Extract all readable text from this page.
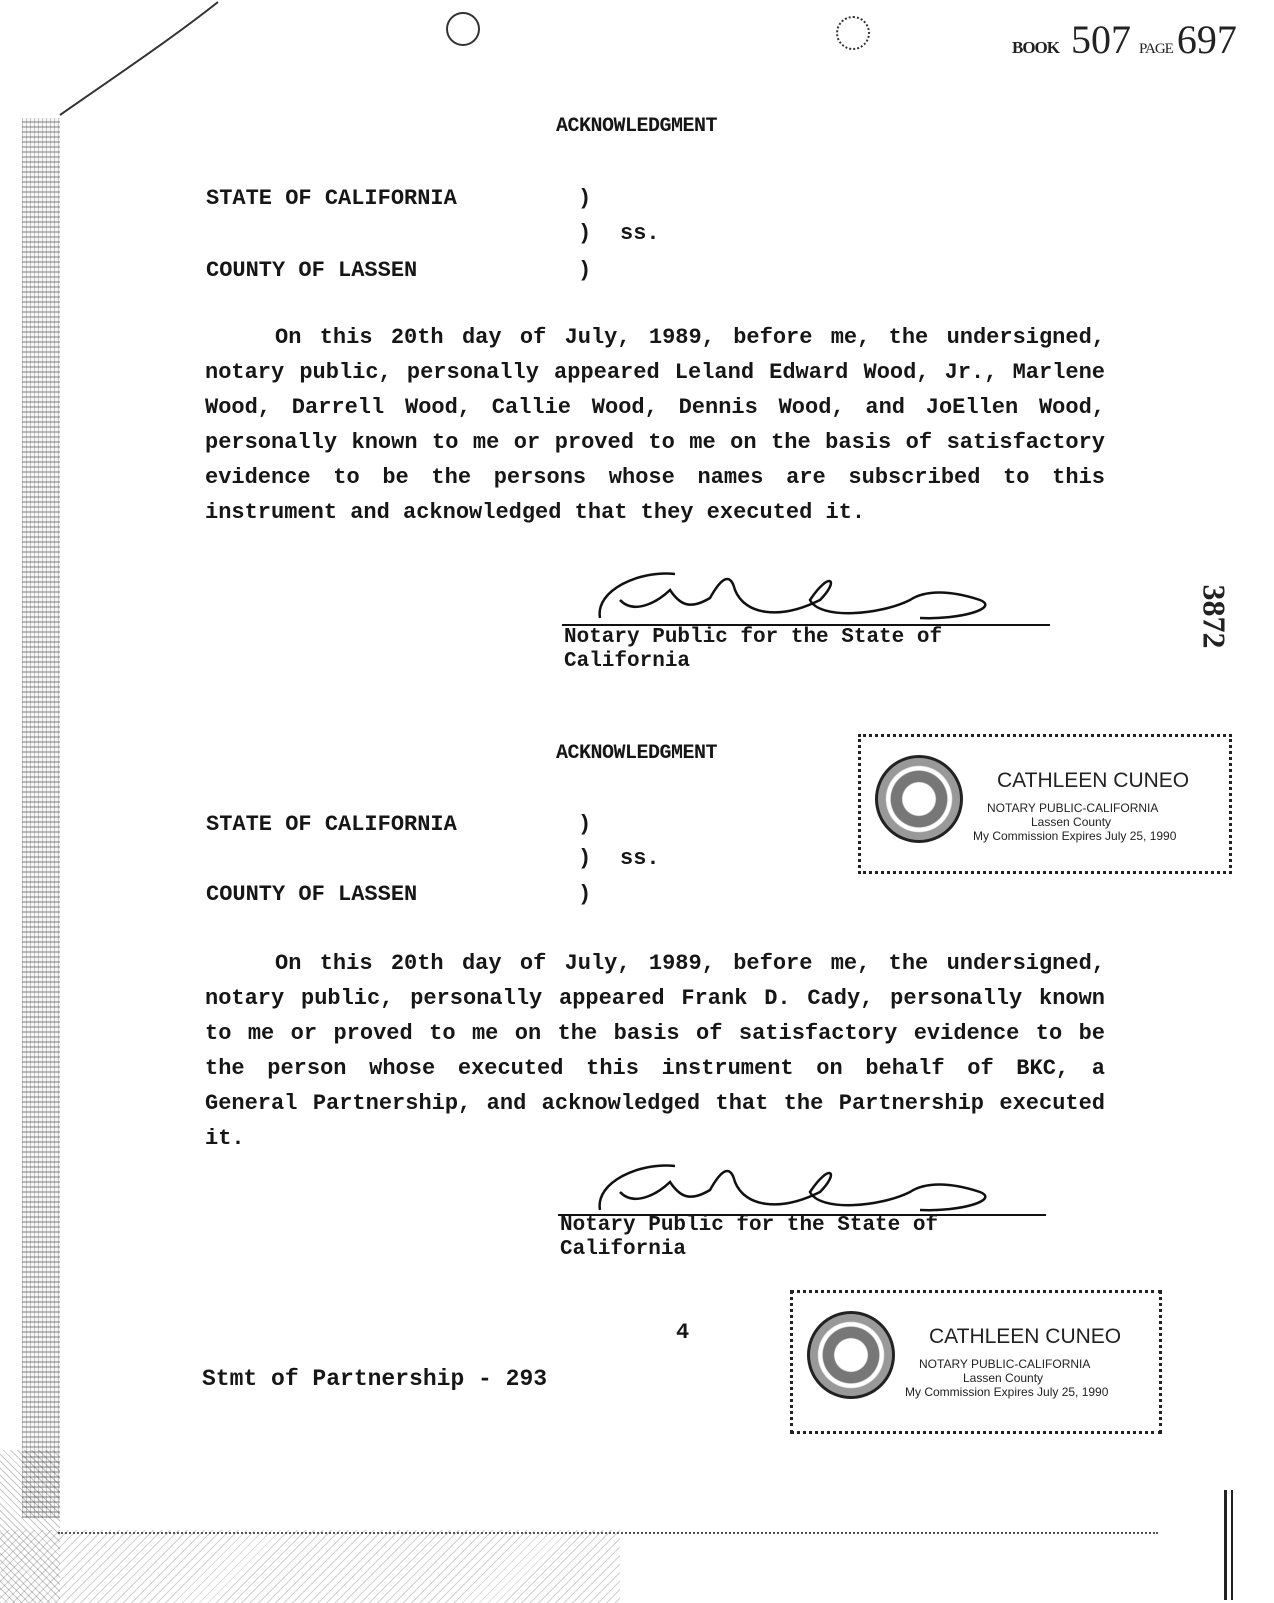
BOOK 507 PAGE 697
3872
ACKNOWLEDGMENT
STATE OF CALIFORNIA	)
) ss.
COUNTY OF LASSEN	)

On this 20th day of July, 1989, before me, the undersigned, notary public, personally appeared Leland Edward Wood, Jr., Marlene Wood, Darrell Wood, Callie Wood, Dennis Wood, and JoEllen Wood, personally known to me or proved to me on the basis of satisfactory evidence to be the persons whose names are subscribed to this instrument and acknowledged that they executed it.

Notary Public for the State of
California
CATHLEEN CUNEO
NOTARY PUBLIC-CALIFORNIA
Lassen County
My Commission Expires July 25, 1990
ACKNOWLEDGMENT
STATE OF CALIFORNIA	)
) ss.
COUNTY OF LASSEN	)

On this 20th day of July, 1989, before me, the undersigned, notary public, personally appeared Frank D. Cady, personally known to me or proved to me on the basis of satisfactory evidence to be the person whose executed this instrument on behalf of BKC, a General Partnership, and acknowledged that the Partnership executed it.

Notary Public for the State of
California
CATHLEEN CUNEO
NOTARY PUBLIC-CALIFORNIA
Lassen County
My Commission Expires July 25, 1990
4
Stmt of Partnership - 293
